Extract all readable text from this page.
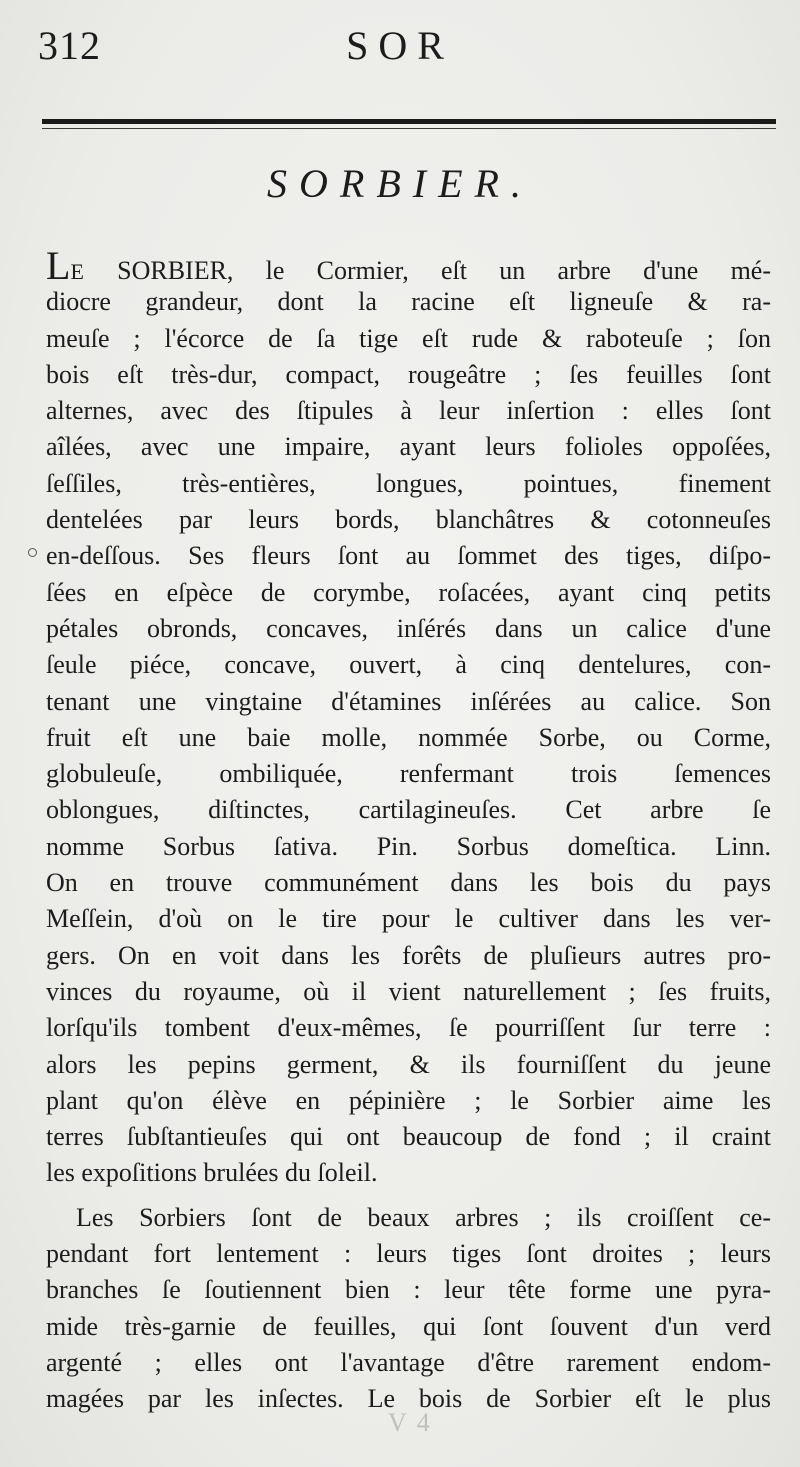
312	SOR
SORBIER.
LE SORBIER, le Cormier, eſt un arbre d'une mé-
diocre grandeur, dont la racine eſt ligneuſe & ra-
meuſe ; l'écorce de ſa tige eſt rude & raboteuſe ; ſon
bois eſt très-dur, compact, rougeâtre ; ſes feuilles ſont
alternes, avec des ſtipules à leur inſertion : elles ſont
aîlées, avec une impaire, ayant leurs folioles oppoſées,
ſeſſiles, très-entières, longues, pointues, finement
dentelées par leurs bords, blanchâtres & cotonneuſes
en-deſſous. Ses fleurs ſont au ſommet des tiges, diſpo-
ſées en eſpèce de corymbe, roſacées, ayant cinq petits
pétales obronds, concaves, inſérés dans un calice d'une
ſeule piéce, concave, ouvert, à cinq dentelures, con-
tenant une vingtaine d'étamines inſérées au calice. Son
fruit eſt une baie molle, nommée Sorbe, ou Corme,
globuleuſe, ombiliquée, renfermant trois ſemences
oblongues, diſtinctes, cartilagineuſes. Cet arbre ſe
nomme Sorbus ſativa. Pin. Sorbus domeſtica. Linn.
On en trouve communément dans les bois du pays
Meſſein, d'où on le tire pour le cultiver dans les ver-
gers. On en voit dans les forêts de pluſieurs autres pro-
vinces du royaume, où il vient naturellement ; ſes fruits,
lorſqu'ils tombent d'eux-mêmes, ſe pourriſſent ſur terre :
alors les pepins germent, & ils fourniſſent du jeune
plant qu'on élève en pépinière ; le Sorbier aime les
terres ſubſtantieuſes qui ont beaucoup de fond ; il craint
les expoſitions brulées du ſoleil.
Les Sorbiers ſont de beaux arbres ; ils croiſſent ce-
pendant fort lentement : leurs tiges ſont droites ; leurs
branches ſe ſoutiennent bien : leur tête forme une pyra-
mide très-garnie de feuilles, qui ſont ſouvent d'un verd
argenté ; elles ont l'avantage d'être rarement endom-
magées par les inſectes. Le bois de Sorbier eſt le plus
V 4
